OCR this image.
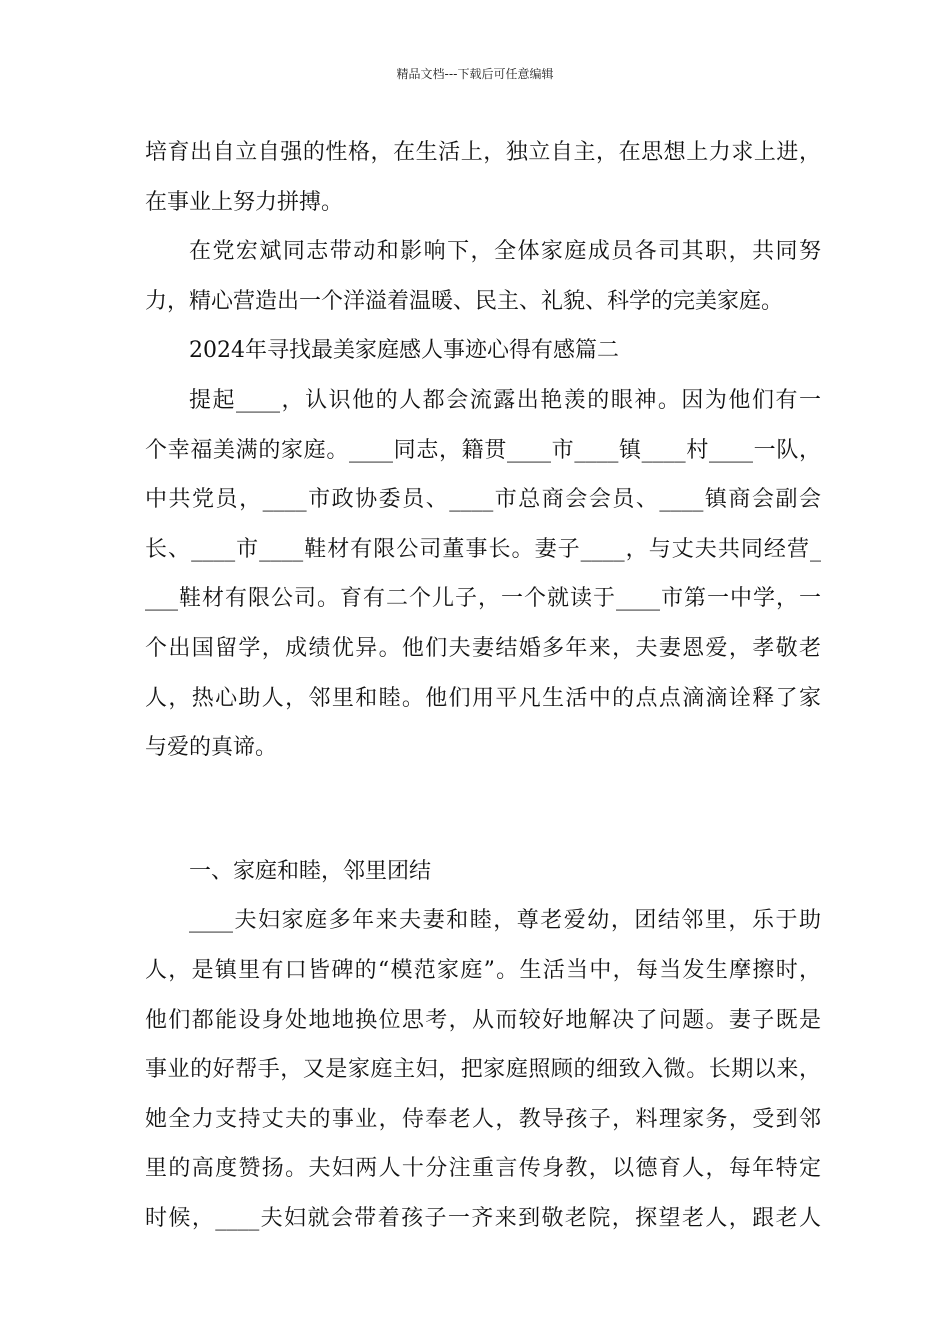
精品文档---下载后可任意编辑
培育出自立自强的性格，在生活上，独立自主，在思想上力求上进，
在事业上努力拼搏。
在党宏斌同志带动和影响下，全体家庭成员各司其职，共同努
力，精心营造出一个洋溢着温暖、民主、礼貌、科学的完美家庭。
2024年寻找最美家庭感人事迹心得有感篇二
提起____，认识他的人都会流露出艳羡的眼神。因为他们有一
个幸福美满的家庭。____同志，籍贯____市____镇____村____一队，
中共党员，____市政协委员、____市总商会会员、____镇商会副会
长、____市____鞋材有限公司董事长。妻子____，与丈夫共同经营_
___鞋材有限公司。育有二个儿子，一个就读于____市第一中学，一
个出国留学，成绩优异。他们夫妻结婚多年来，夫妻恩爱，孝敬老
人，热心助人，邻里和睦。他们用平凡生活中的点点滴滴诠释了家
与爱的真谛。
一、家庭和睦，邻里团结
____夫妇家庭多年来夫妻和睦，尊老爱幼，团结邻里，乐于助
人，是镇里有口皆碑的“模范家庭”。生活当中，每当发生摩擦时，
他们都能设身处地地换位思考，从而较好地解决了问题。妻子既是
事业的好帮手，又是家庭主妇，把家庭照顾的细致入微。长期以来，
她全力支持丈夫的事业，侍奉老人，教导孩子，料理家务，受到邻
里的高度赞扬。夫妇两人十分注重言传身教，以德育人，每年特定
时候，____夫妇就会带着孩子一齐来到敬老院，探望老人，跟老人
